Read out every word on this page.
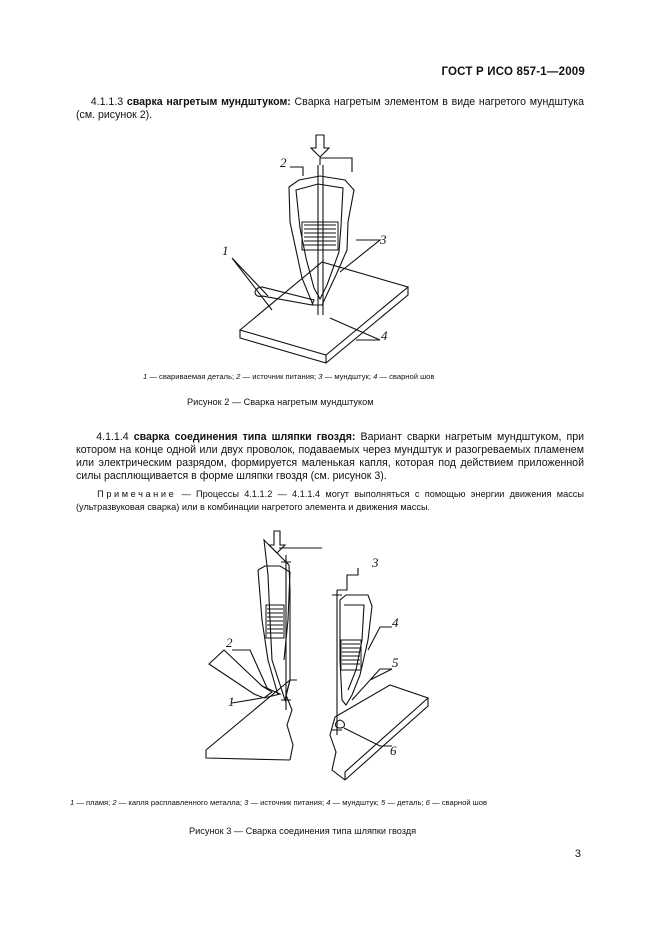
ГОСТ Р ИСО 857-1—2009
4.1.1.3 сварка нагретым мундштуком: Сварка нагретым элементом в виде нагретого мундштука (см. рисунок 2).
1 — свариваемая деталь; 2 — источник питания; 3 — мундштук; 4 — сварной шов
Рисунок 2 — Сварка нагретым мундштуком
4.1.1.4 сварка соединения типа шляпки гвоздя: Вариант сварки нагретым мундштуком, при котором на конце одной или двух проволок, подаваемых через мундштук и разогреваемых пламенем или электрическим разрядом, формируется маленькая капля, которая под действием приложенной силы расплющивается в форме шляпки гвоздя (см. рисунок 3).
Примечание — Процессы 4.1.1.2 — 4.1.1.4 могут выполняться с помощью энергии движения массы (ультразвуковая сварка) или в комбинации нагретого элемента и движения массы.
1 — пламя; 2 — капля расплавленного металла; 3 — источник питания; 4 — мундштук; 5 — деталь; 6 — сварной шов
Рисунок 3 — Сварка соединения типа шляпки гвоздя
3
2
1
3
4
2
1
3
4
5
6
